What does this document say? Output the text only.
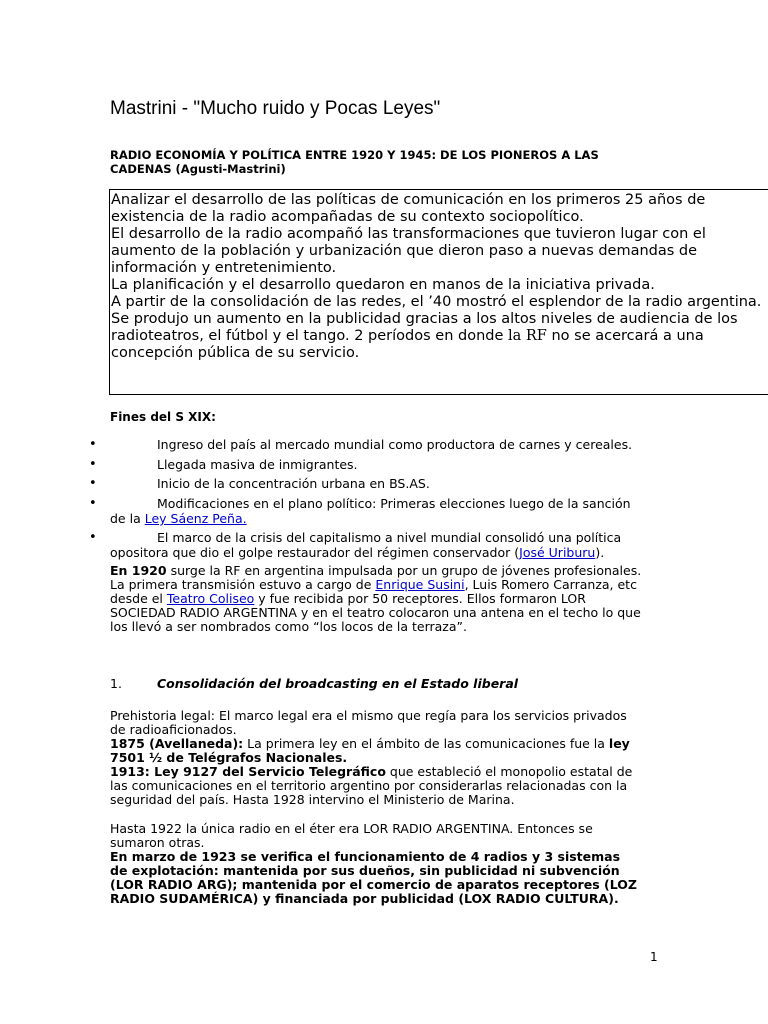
Mastrini - "Mucho ruido y Pocas Leyes"
RADIO ECONOMÍA Y POLÍTICA ENTRE 1920 Y 1945: DE LOS PIONEROS A LAS
CADENAS (Agusti-Mastrini)
Analizar el desarrollo de las políticas de comunicación en los primeros 25 años de
existencia de la radio acompañadas de su contexto sociopolítico.
El desarrollo de la radio acompañó las transformaciones que tuvieron lugar con el
aumento de la población y urbanización que dieron paso a nuevas demandas de
información y entretenimiento.
La planificación y el desarrollo quedaron en manos de la iniciativa privada.
A partir de la consolidación de las redes, el ’40 mostró el esplendor de la radio argentina.
Se produjo un aumento en la publicidad gracias a los altos niveles de audiencia de los
radioteatros, el fútbol y el tango. 2 períodos en donde la RF no se acercará a una
concepción pública de su servicio.

Fines del S XIX:

•	Ingreso del país al mercado mundial como productora de carnes y cereales.
•	Llegada masiva de inmigrantes.
•	Inicio de la concentración urbana en BS.AS.
•	Modificaciones en el plano político: Primeras elecciones luego de la sanción
de la Ley Sáenz Peña.
•	El marco de la crisis del capitalismo a nivel mundial consolidó una política
opositora que dio el golpe restaurador del régimen conservador (José Uriburu).
En 1920 surge la RF en argentina impulsada por un grupo de jóvenes profesionales.
La primera transmisión estuvo a cargo de Enrique Susini, Luis Romero Carranza, etc
desde el Teatro Coliseo y fue recibida por 50 receptores. Ellos formaron LOR
SOCIEDAD RADIO ARGENTINA y en el teatro colocaron una antena en el techo lo que
los llevó a ser nombrados como “los locos de la terraza”.
1.	Consolidación del broadcasting en el Estado liberal
Prehistoria legal: El marco legal era el mismo que regía para los servicios privados
de radioaficionados.
1875 (Avellaneda): La primera ley en el ámbito de las comunicaciones fue la ley
7501 ½ de Telégrafos Nacionales.
1913: Ley 9127 del Servicio Telegráfico que estableció el monopolio estatal de
las comunicaciones en el territorio argentino por considerarlas relacionadas con la
seguridad del país. Hasta 1928 intervino el Ministerio de Marina.
Hasta 1922 la única radio en el éter era LOR RADIO ARGENTINA. Entonces se
sumaron otras.
En marzo de 1923 se verifica el funcionamiento de 4 radios y 3 sistemas
de explotación: mantenida por sus dueños, sin publicidad ni subvención
(LOR RADIO ARG); mantenida por el comercio de aparatos receptores (LOZ
RADIO SUDAMÉRICA) y financiada por publicidad (LOX RADIO CULTURA).
1
